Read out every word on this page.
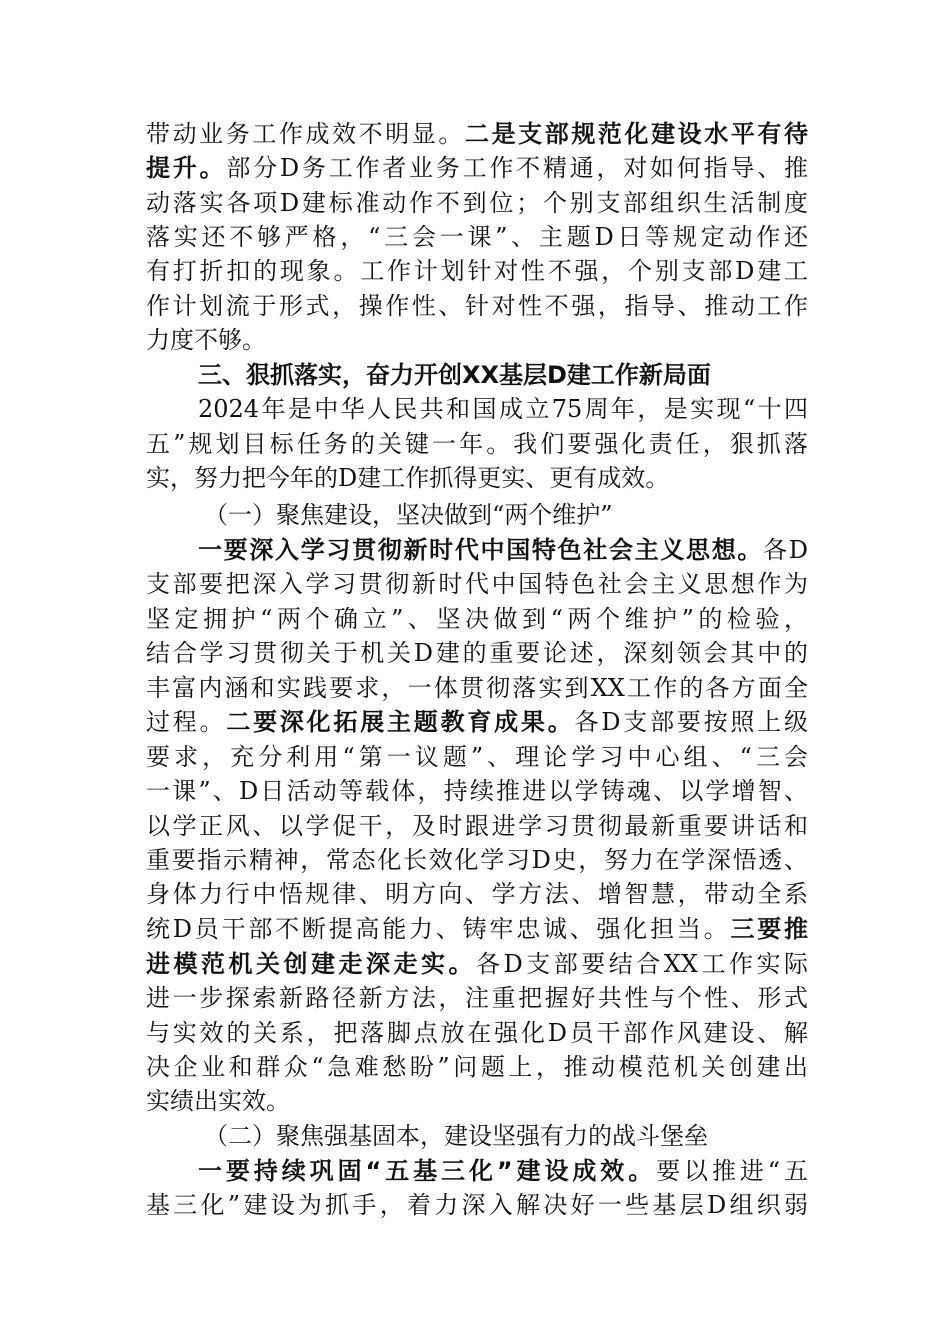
带动业务工作成效不明显。二是支部规范化建设水平有待
提升。部分D务工作者业务工作不精通，对如何指导、推
动落实各项D建标准动作不到位；个别支部组织生活制度
落实还不够严格，“三会一课”、主题D日等规定动作还
有打折扣的现象。工作计划针对性不强，个别支部D建工
作计划流于形式，操作性、针对性不强，指导、推动工作
力度不够。
三、狠抓落实，奋力开创XX基层D建工作新局面
2024年是中华人民共和国成立75周年，是实现“十四
五”规划目标任务的关键一年。我们要强化责任，狠抓落
实，努力把今年的D建工作抓得更实、更有成效。
（一）聚焦建设，坚决做到“两个维护”
一要深入学习贯彻新时代中国特色社会主义思想。各D
支部要把深入学习贯彻新时代中国特色社会主义思想作为
坚定拥护“两个确立”、坚决做到“两个维护”的检验，
结合学习贯彻关于机关D建的重要论述，深刻领会其中的
丰富内涵和实践要求，一体贯彻落实到XX工作的各方面全
过程。二要深化拓展主题教育成果。各D支部要按照上级
要求，充分利用“第一议题”、理论学习中心组、“三会
一课”、D日活动等载体，持续推进以学铸魂、以学增智、
以学正风、以学促干，及时跟进学习贯彻最新重要讲话和
重要指示精神，常态化长效化学习D史，努力在学深悟透、
身体力行中悟规律、明方向、学方法、增智慧，带动全系
统D员干部不断提高能力、铸牢忠诚、强化担当。三要推
进模范机关创建走深走实。各D支部要结合XX工作实际
进一步探索新路径新方法，注重把握好共性与个性、形式
与实效的关系，把落脚点放在强化D员干部作风建设、解
决企业和群众“急难愁盼”问题上，推动模范机关创建出
实绩出实效。
（二）聚焦强基固本，建设坚强有力的战斗堡垒
一要持续巩固“五基三化”建设成效。要以推进“五
基三化”建设为抓手，着力深入解决好一些基层D组织弱
